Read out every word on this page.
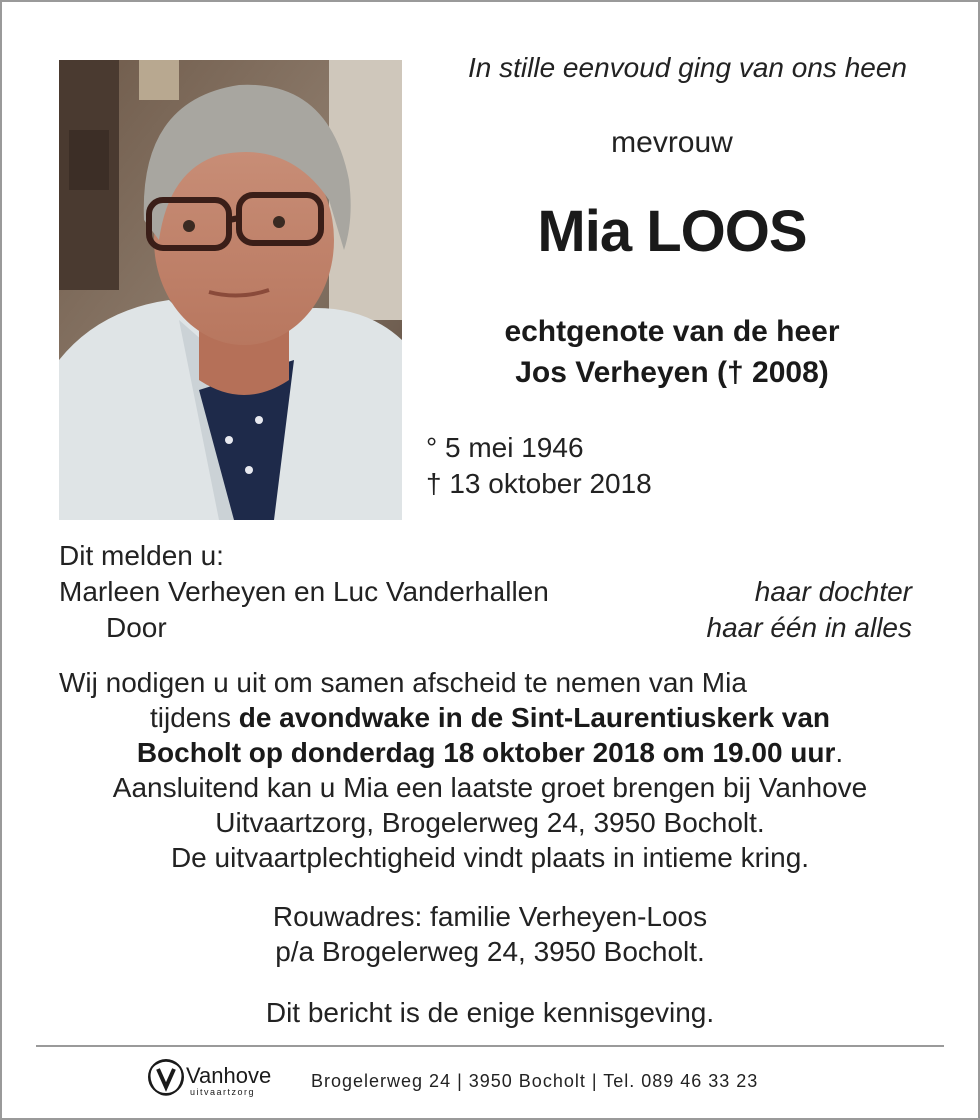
In stille eenvoud ging van ons heen
mevrouw
Mia LOOS
echtgenote van de heer
Jos Verheyen († 2008)
° 5 mei 1946
† 13 oktober 2018
Dit melden u:
Marleen Verheyen en Luc Vanderhallen	haar dochter
Door	haar één in alles
Wij nodigen u uit om samen afscheid te nemen van Mia
tijdens de avondwake in de Sint-Laurentiuskerk van
Bocholt op donderdag 18 oktober 2018 om 19.00 uur.
Aansluitend kan u Mia een laatste groet brengen bij Vanhove
Uitvaartzorg, Brogelerweg 24, 3950 Bocholt.
De uitvaartplechtigheid vindt plaats in intieme kring.
Rouwadres: familie Verheyen-Loos
p/a Brogelerweg 24, 3950 Bocholt.
Dit bericht is de enige kennisgeving.
Vanhove
uitvaartzorg
Brogelerweg 24 | 3950 Bocholt | Tel. 089 46 33 23
